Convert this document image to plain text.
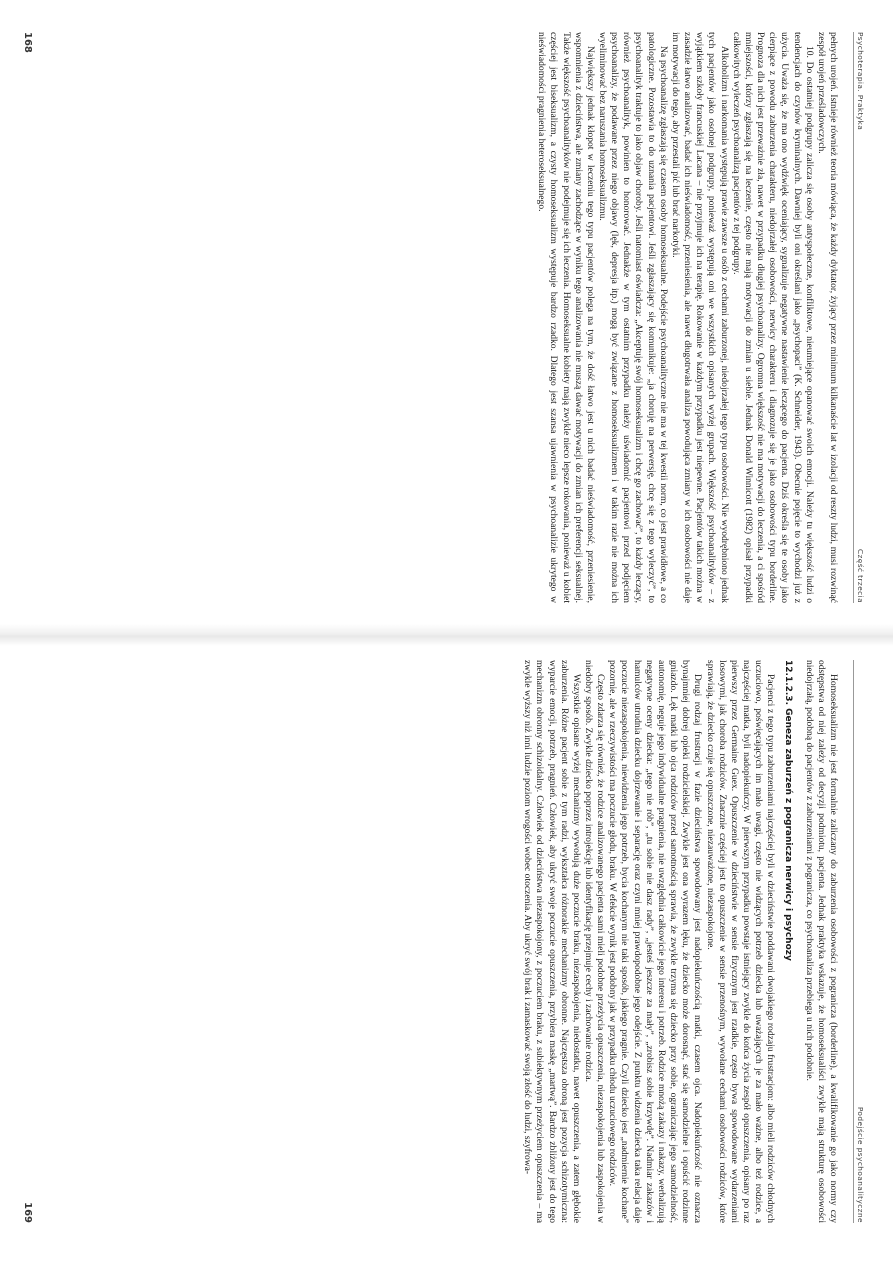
Psychoterapia. Praktyka
Część trzecia

pełnych urojeń. Istnieje również teoria mówiąca, że każdy dyktator, żyjący przez minimum kilkanaście lat w izolacji od reszty ludzi, musi rozwinąć zespół urojeń prześladowczych.

10. Do ostatniej podgrupy zalicza się osoby antyspołeczne, konfliktowe, nieumiejące opanować swoich emocji. Należy tu większość ludzi o tendencjach do czynów kryminalnych. Dawniej byli oni określani jako „psychopaci” (K. Schneider, 1943). Obecnie pojęcie to wychodzi już z użycia. Uważa się, że ma ono wydźwięk oceniający, sygnalizuje negatywne nastawienie leczącego do pacjenta. Dziś określa się te osoby jako cierpiące z powodu zaburzenia charakteru, niedojrzałej osobowości, nerwicy charakteru i diagnozuje się je jako osobowości typu borderline. Prognoza dla nich jest przeważnie zła, nawet w przypadku długiej psychoanalizy. Ogromna większość nie ma motywacji do leczenia, a ci spośród mniejszości, którzy zgłaszają się na leczenie, często nie mają motywacji do zmian u siebie. Jednak Donald Winnicott (1982) opisał przypadki całkowitych wyleczeń psychoanalizą pacjentów z tej podgrupy.

Alkoholizm i narkomania występują prawie zawsze u osób z cechami zaburzonej, niedojrzałej tego typu osobowości. Nie wyodrębniono jednak tych pacjentów jako osobnej podgrupy, ponieważ występują oni we wszystkich opisanych wyżej grupach. Większość psychoanalityków – z wyjątkiem szkoły francuskiej Lacana – nie przyjmuje ich na terapię. Rokowanie w każdym przypadku jest niepewne. Pacjentów takich można w zasadzie łatwo analizować, badać ich nieświadomość, przeniesienia, ale nawet długotrwała analiza powodująca zmiany w ich osobowości nie daje im motywacji do tego, aby przestali pić lub brać narkotyki.

Na psychoanalizę zgłaszają się czasem osoby homoseksualne. Podejście psychoanalityczne nie ma w tej kwestii norm, co jest prawidłowe, a co patologiczne. Pozostawia to do uznania pacjentowi. Jeśli zgłaszający się komunikuje: „ja choruję na perwersję, chcę się z tego wyleczyć”, to psychoanalityk traktuje to jako objaw choroby. Jeśli natomiast oświadcza: „Akceptuję swój homoseksualizm i chcę go zachować”, to każdy leczący, również psychoanalityk, powinien to honorować. Jednakże w tym ostatnim przypadku należy uświadomić pacjentowi przed podjęciem psychoanalizy, że podawane przez niego objawy (lęk, depresja itp.) mogą być związane z homoseksualizmem i w takim razie nie można ich wyeliminować bez naruszania homoseksualizmu.

Największy jednak kłopot w leczeniu tego typu pacjentów polega na tym, że dość łatwo jest u nich badać nieświadomość, przeniesienie, wspomnienia z dzieciństwa, ale zmiany zachodzące w wyniku tego analizowania nie muszą dawać motywacji do zmian ich preferencji seksualnej. Także większość psychoanalityków nie podejmuje się ich leczenia. Homoseksualne kobiety mają zwykle nieco lepsze rokowania, ponieważ u kobiet częściej jest biseksualizm, a czysty homoseksualizm występuje bardzo rzadko. Dlatego jest szansa ujawnienia w psychoanalizie ukrytego w nieświadomości pragnienia heteroseksualnego.

168
Podejście psychoanalityczne

Homoseksualizm nie jest formalnie zaliczany do zaburzenia osobowości z pogranicza (borderline), a kwalifikowanie go jako normy czy odstępstwa od niej zależy od decyzji podmiotu, pacjenta. Jednak praktyka wskazuje, że homoseksualiści zwykle mają strukturę osobowości niedojrzałą, podobną do pacjentów z zaburzeniami z pogranicza, co psychoanaliza przebiega u nich podobnie.

12.1.2.3. Geneza zaburzeń z pogranicza nerwicy i psychozy

Pacjenci z tego typu zaburzeniami najczęściej byli w dzieciństwie poddawani dwojakiego rodzaju frustracjom: albo mieli rodziców chłodnych uczuciowo, poświęcających im mało uwagi, często nie widzących potrzeb dziecka lub uważających je za mało ważne, albo też rodzice, a najczęściej matka, byli nadopiekuńczy. W pierwszym przypadku powstaje istniejący zwykle do końca życia zespół opuszczenia, opisany po raz pierwszy przez Germaine Guex. Opuszczenie w dzieciństwie w sensie fizycznym jest rzadkie, często bywa spowodowane wydarzeniami losowymi, jak choroba rodziców. Znacznie częściej jest to opuszczenie w sensie przenośnym, wywołane cechami osobowości rodziców, które sprawiają, że dziecko czuje się opuszczone, niezauważone, niezaspokojone.

Drugi rodzaj frustracji w fazie dzieciństwa spowodowany jest nadopiekuńczością matki, czasem ojca. Nadopiekuńczość nie oznacza bynajmniej dobrej opieki rodzicielskiej. Zwykle jest ona wyrazem lęku, że dziecko może dorosnąć, stać się samodzielne i opuścić rodzinne gniazdo. Lęk matki lub ojca rodziców przed samotnością sprawia, że zwykle trzyma się dziecko przy sobie, ograniczając jego samodzielność, autonomię, neguje jego indywidualne pragnienia, nie uwzględnia całkowicie jego interesu i potrzeb. Rodzice mnożą zakazy i nakazy, werbalizują negatywne oceny dziecka: „tego nie rób”, „tu sobie nie dasz rady”, „jesteś jeszcze za mały”, „zrobisz sobie krzywdę”. Nadmiar zakazów i hamulców utrudnia dziecku dojrzewanie i separację oraz czyni mniej prawdopodobne jego odejście. Z punktu widzenia dziecka taka relacja daje poczucie niezaspokojenia, niewidzenia jego potrzeb, bycia kochanym nie taki sposób, jakiego pragnie. Czyli dziecko jest „nadmiernie kochane” pozornie, ale w rzeczywistości ma poczucie głodu, braku. W efekcie wynik jest podobny jak w przypadku chłodu uczuciowego rodziców.

Często zdarza się również, że rodzice analizowanego pacjenta sami mieli podobne przeżycia opuszczenia, niezaspokojenia lub zaspokojenia w niedobry sposób. Zwykle dziecko poprzez introjekcję lub identyfikację przejmuje cechy i zachowanie rodzica.

Wszystkie opisane wyżej mechanizmy wywołują duże poczucie braku, niezaspokojenia, niedostatku, nawet opuszczenia, a zatem głębokie zaburzenia. Różne pacjent sobie z tym radzi, wykształca różnorakie mechanizmy obronne. Najczęstsza obroną jest pozycja schizotymiczna: wyparcie emocji, potrzeb, pragnień. Człowiek, aby ukryć swoje poczucie opuszczenia, przybiera maskę „martwą”. Bardzo zbliżony jest do tego mechanizm obronny schizoidalny. Człowiek od dzieciństwa niezaspokojony, z poczuciem braku, z subiektywnym przeżyciem opuszczenia – ma zwykle wyższy niż inni ludzie poziom wrogości wobec otoczenia. Aby ukryć swój brak i zamaskować swoją złość do ludzi, szyfrowa-

169
